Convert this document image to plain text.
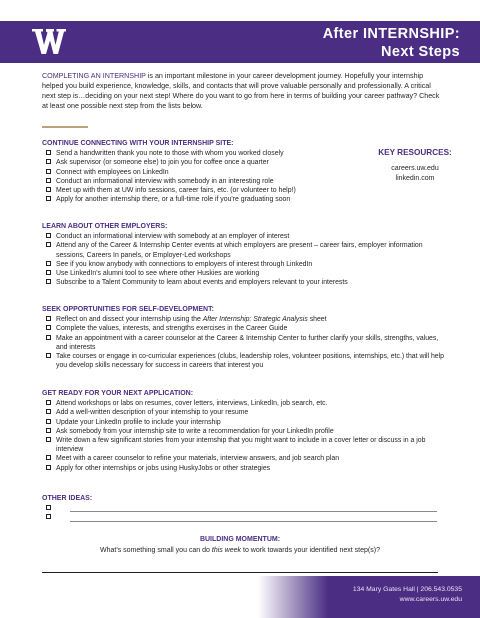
After INTERNSHIP:
Next Steps
COMPLETING AN INTERNSHIP is an important milestone in your career development journey. Hopefully your internship helped you build experience, knowledge, skills, and contacts that will prove valuable personally and professionally. A critical next step is…deciding on your next step! Where do you want to go from here in terms of building your career pathway? Check at least one possible next step from the lists below.
KEY RESOURCES:
careers.uw.edu
linkedin.com
CONTINUE CONNECTING WITH YOUR INTERNSHIP SITE:
Send a handwritten thank you note to those with whom you worked closely
Ask supervisor (or someone else) to join you for coffee once a quarter
Connect with employees on LinkedIn
Conduct an informational interview with somebody in an interesting role
Meet up with them at UW info sessions, career fairs, etc. (or volunteer to help!)
Apply for another internship there, or a full-time role if you're graduating soon
LEARN ABOUT OTHER EMPLOYERS:
Conduct an informational interview with somebody at an employer of interest
Attend any of the Career & Internship Center events at which employers are present – career fairs, employer information sessions, Careers In panels, or Employer-Led workshops
See if you know anybody with connections to employers of interest through LinkedIn
Use LinkedIn's alumni tool to see where other Huskies are working
Subscribe to a Talent Community to learn about events and employers relevant to your interests
SEEK OPPORTUNITIES FOR SELF-DEVELOPMENT:
Reflect on and dissect your internship using the After Internship: Strategic Analysis sheet
Complete the values, interests, and strengths exercises in the Career Guide
Make an appointment with a career counselor at the Career & Internship Center to further clarify your skills, strengths, values, and interests
Take courses or engage in co-curricular experiences (clubs, leadership roles, volunteer positions, internships, etc.) that will help you develop skills necessary for success in careers that interest you
GET READY FOR YOUR NEXT APPLICATION:
Attend workshops or labs on resumes, cover letters, interviews, LinkedIn, job search, etc.
Add a well-written description of your internship to your resume
Update your LinkedIn profile to include your internship
Ask somebody from your internship site to write a recommendation for your LinkedIn profile
Write down a few significant stories from your internship that you might want to include in a cover letter or discuss in a job interview
Meet with a career counselor to refine your materials, interview answers, and job search plan
Apply for other internships or jobs using HuskyJobs or other strategies
OTHER IDEAS:
BUILDING MOMENTUM:
What's something small you can do this week to work towards your identified next step(s)?
134 Mary Gates Hall | 206.543.0535
www.careers.uw.edu
